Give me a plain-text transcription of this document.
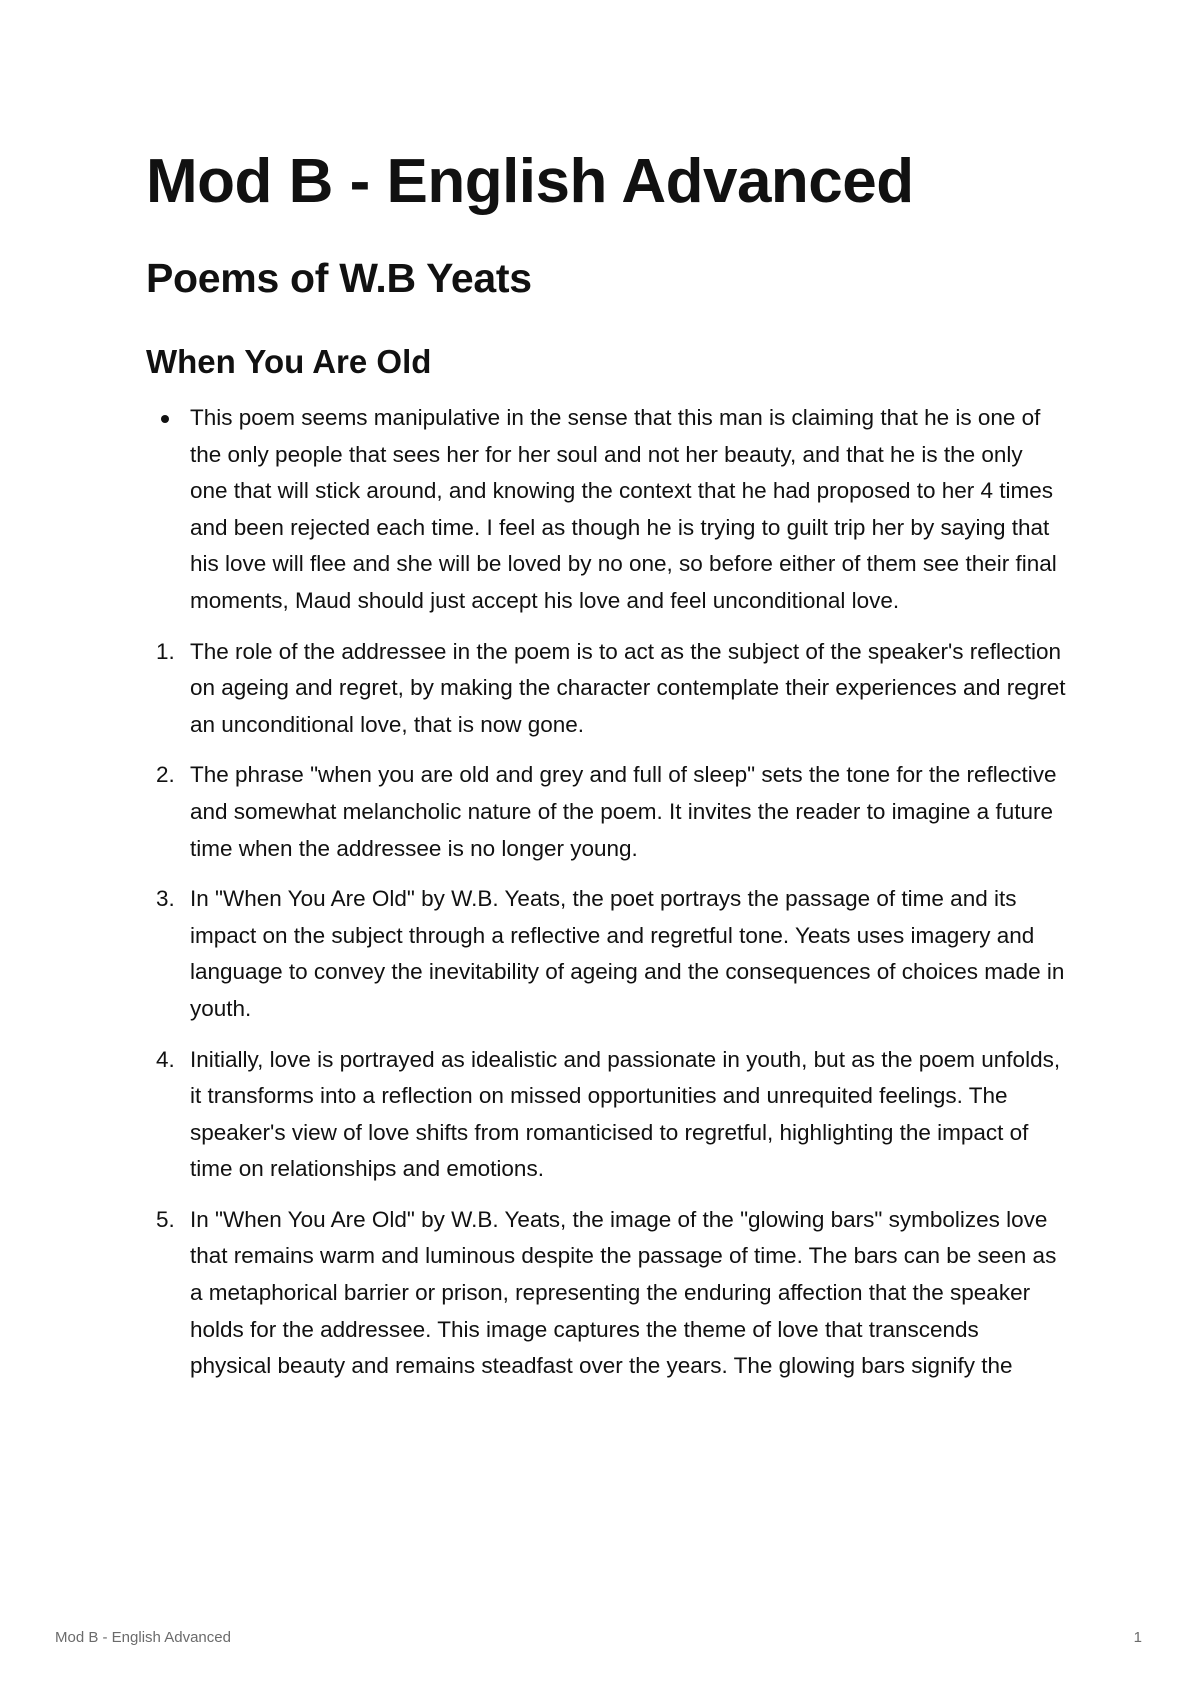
Mod B - English Advanced
Poems of W.B Yeats
When You Are Old
This poem seems manipulative in the sense that this man is claiming that he is one of the only people that sees her for her soul and not her beauty, and that he is the only one that will stick around, and knowing the context that he had proposed to her 4 times and been rejected each time. I feel as though he is trying to guilt trip her by saying that his love will flee and she will be loved by no one, so before either of them see their final moments, Maud should just accept his love and feel unconditional love.
1. The role of the addressee in the poem is to act as the subject of the speaker's reflection on ageing and regret, by making the character contemplate their experiences and regret an unconditional love, that is now gone.
2. The phrase "when you are old and grey and full of sleep" sets the tone for the reflective and somewhat melancholic nature of the poem. It invites the reader to imagine a future time when the addressee is no longer young.
3. In "When You Are Old" by W.B. Yeats, the poet portrays the passage of time and its impact on the subject through a reflective and regretful tone. Yeats uses imagery and language to convey the inevitability of ageing and the consequences of choices made in youth.
4. Initially, love is portrayed as idealistic and passionate in youth, but as the poem unfolds, it transforms into a reflection on missed opportunities and unrequited feelings. The speaker's view of love shifts from romanticised to regretful, highlighting the impact of time on relationships and emotions.
5. In "When You Are Old" by W.B. Yeats, the image of the "glowing bars" symbolizes love that remains warm and luminous despite the passage of time. The bars can be seen as a metaphorical barrier or prison, representing the enduring affection that the speaker holds for the addressee. This image captures the theme of love that transcends physical beauty and remains steadfast over the years. The glowing bars signify the
Mod B - English Advanced	1
